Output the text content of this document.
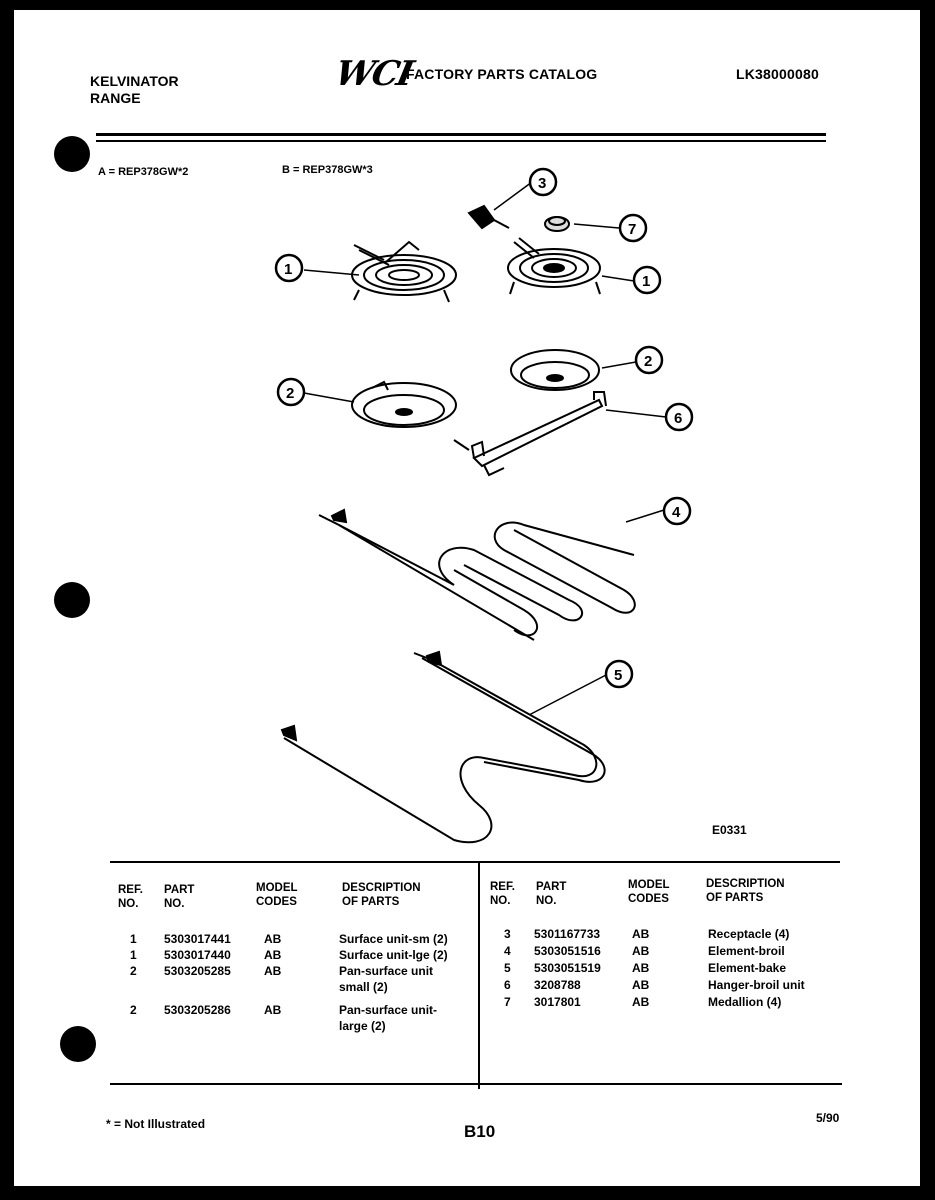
KELVINATOR
RANGE
WCI
FACTORY PARTS CATALOG	LK38000080
A = REP378GW*2	B = REP378GW*3
1
1
2
2
3
4
5
6
7
E0331
REF.
NO.
PART
NO.
MODEL
CODES
DESCRIPTION
OF PARTS
REF.
NO.
PART
NO.
MODEL
CODES
DESCRIPTION
OF PARTS
1 5303017441	AB	Surface unit-sm (2)
1 5303017440	AB	Surface unit-lge (2)
2 5303205285	AB	Pan-surface unit
small (2)
2 5303205286	AB	Pan-surface unit-
large (2)
3 5301167733	AB	Receptacle (4)
4 5303051516	AB	Element-broil
5 5303051519	AB	Element-bake
6 3208788	AB	Hanger-broil unit
7 3017801	AB	Medallion (4)
* = Not Illustrated	B10
5/90
